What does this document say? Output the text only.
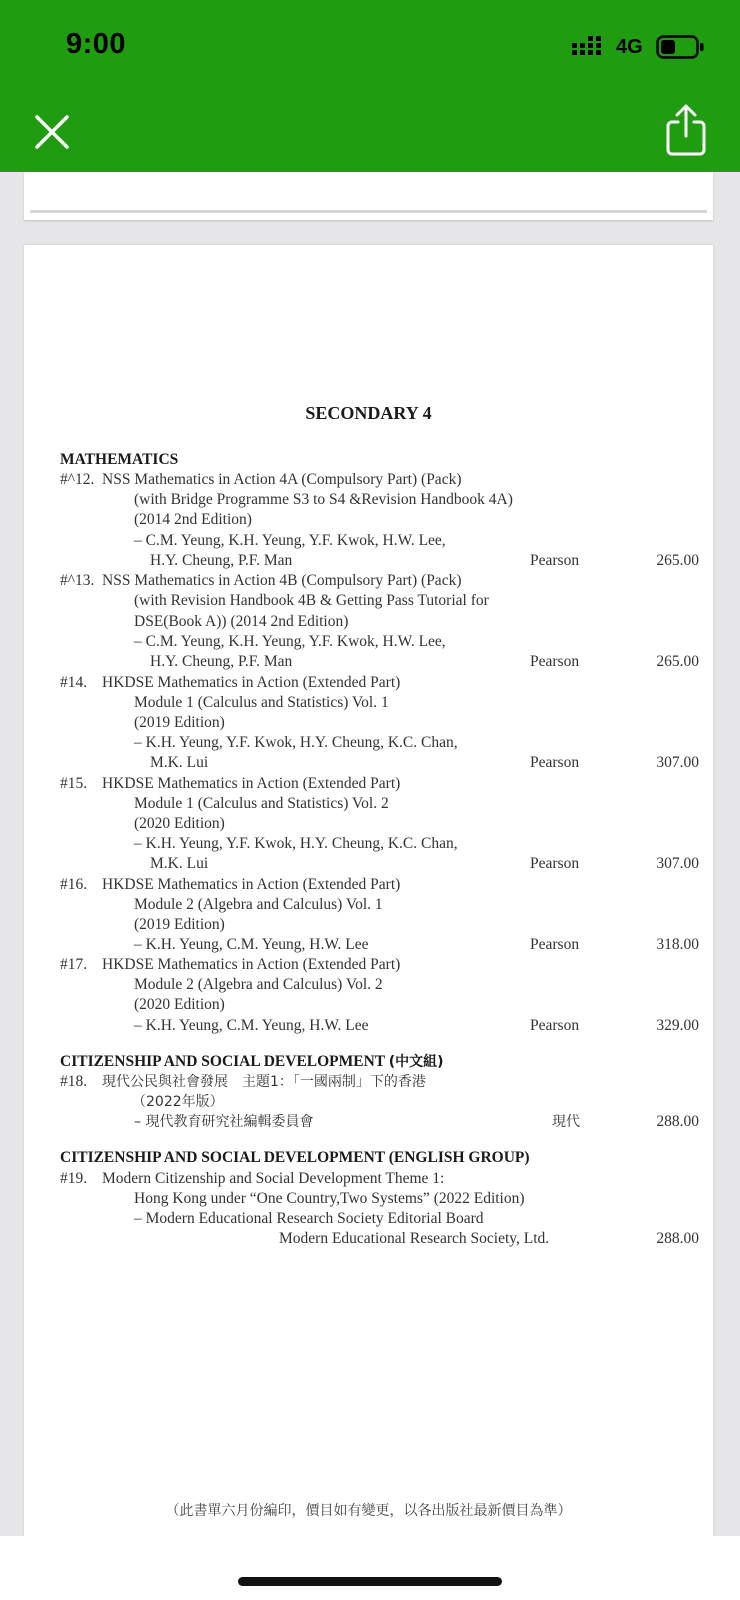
9:00	4G
SECONDARY 4
MATHEMATICS
#^12. NSS Mathematics in Action 4A (Compulsory Part) (Pack)
(with Bridge Programme S3 to S4 &Revision Handbook 4A)
(2014 2nd Edition)
– C.M. Yeung, K.H. Yeung, Y.F. Kwok, H.W. Lee,
H.Y. Cheung, P.F. Man	Pearson	265.00
#^13. NSS Mathematics in Action 4B (Compulsory Part) (Pack)
(with Revision Handbook 4B & Getting Pass Tutorial for
DSE(Book A)) (2014 2nd Edition)
– C.M. Yeung, K.H. Yeung, Y.F. Kwok, H.W. Lee,
H.Y. Cheung, P.F. Man	Pearson	265.00
#14. HKDSE Mathematics in Action (Extended Part)
Module 1 (Calculus and Statistics) Vol. 1
(2019 Edition)
– K.H. Yeung, Y.F. Kwok, H.Y. Cheung, K.C. Chan,
M.K. Lui	Pearson	307.00
#15. HKDSE Mathematics in Action (Extended Part)
Module 1 (Calculus and Statistics) Vol. 2
(2020 Edition)
– K.H. Yeung, Y.F. Kwok, H.Y. Cheung, K.C. Chan,
M.K. Lui	Pearson	307.00
#16. HKDSE Mathematics in Action (Extended Part)
Module 2 (Algebra and Calculus) Vol. 1
(2019 Edition)
– K.H. Yeung, C.M. Yeung, H.W. Lee	Pearson	318.00
#17. HKDSE Mathematics in Action (Extended Part)
Module 2 (Algebra and Calculus) Vol. 2
(2020 Edition)
– K.H. Yeung, C.M. Yeung, H.W. Lee	Pearson	329.00
CITIZENSHIP AND SOCIAL DEVELOPMENT (中文組)
#18. 現代公民與社會發展　主題1：「一國兩制」下的香港
（2022年版）
– 現代教育研究社編輯委員會	現代	288.00
CITIZENSHIP AND SOCIAL DEVELOPMENT (ENGLISH GROUP)
#19. Modern Citizenship and Social Development Theme 1:
Hong Kong under “One Country,Two Systems” (2022 Edition)
– Modern Educational Research Society Editorial Board
Modern Educational Research Society, Ltd.	288.00
（此書單六月份編印，價目如有變更，以各出版社最新價目為準）
